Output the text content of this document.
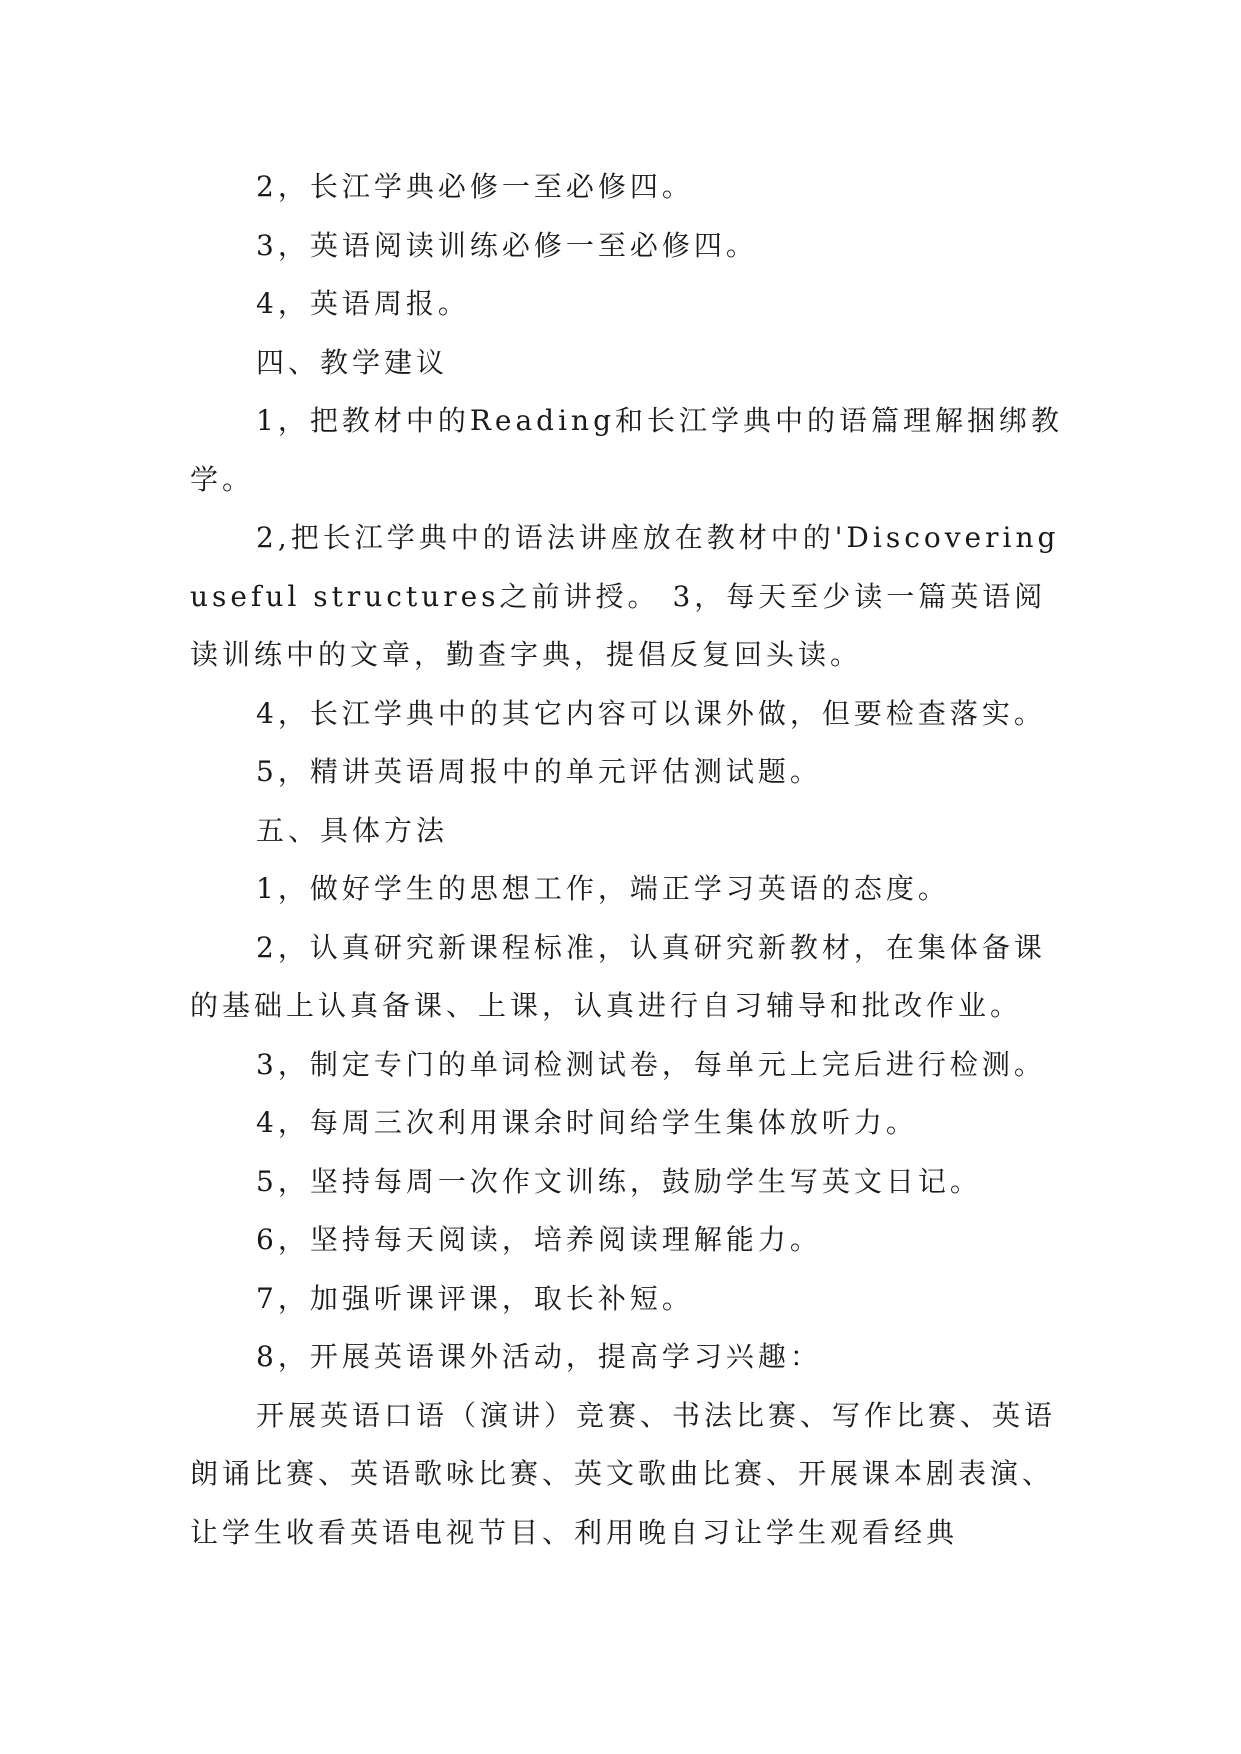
2，长江学典必修一至必修四。

3，英语阅读训练必修一至必修四。

4，英语周报。

四、教学建议

1，把教材中的Reading和长江学典中的语篇理解捆绑教学。

2,把长江学典中的语法讲座放在教材中的'Discovering useful structures之前讲授。 3，每天至少读一篇英语阅读训练中的文章，勤查字典，提倡反复回头读。

4，长江学典中的其它内容可以课外做，但要检查落实。

5，精讲英语周报中的单元评估测试题。

五、具体方法

1，做好学生的思想工作，端正学习英语的态度。

2，认真研究新课程标准，认真研究新教材，在集体备课的基础上认真备课、上课，认真进行自习辅导和批改作业。

3，制定专门的单词检测试卷，每单元上完后进行检测。

4，每周三次利用课余时间给学生集体放听力。

5，坚持每周一次作文训练，鼓励学生写英文日记。

6，坚持每天阅读，培养阅读理解能力。

7，加强听课评课，取长补短。

8，开展英语课外活动，提高学习兴趣：

开展英语口语（演讲）竞赛、书法比赛、写作比赛、英语朗诵比赛、英语歌咏比赛、英文歌曲比赛、开展课本剧表演、让学生收看英语电视节目、利用晚自习让学生观看经典
